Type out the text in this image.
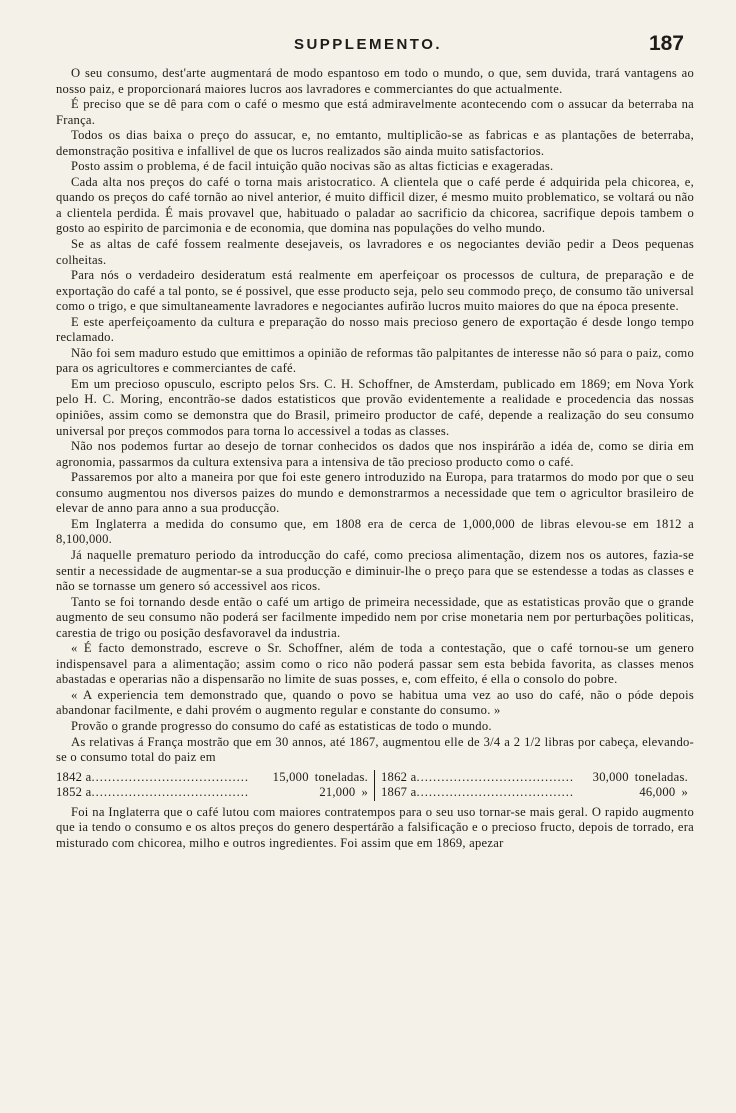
SUPPLEMENTO.	187

O seu consumo, dest'arte augmentará de modo espantoso em todo o mundo, o que, sem duvida, trará vantagens ao nosso paiz, e proporcionará maiores lucros aos lavradores e commerciantes do que actualmente.

É preciso que se dê para com o café o mesmo que está admiravelmente acontecendo com o assucar da beterraba na França.

Todos os dias baixa o preço do assucar, e, no emtanto, multiplicão-se as fabricas e as plantações de beterraba, demonstração positiva e infallivel de que os lucros realizados são ainda muito satisfactorios.

Posto assim o problema, é de facil intuição quão nocivas são as altas ficticias e exageradas.

Cada alta nos preços do café o torna mais aristocratico. A clientela que o café perde é adquirida pela chicorea, e, quando os preços do café tornão ao nivel anterior, é muito difficil dizer, é mesmo muito problematico, se voltará ou não a clientela perdida. É mais provavel que, habituado o paladar ao sacrificio da chicorea, sacrifique depois tambem o gosto ao espirito de parcimonia e de economia, que domina nas populações do velho mundo.

Se as altas de café fossem realmente desejaveis, os lavradores e os negociantes devião pedir a Deos pequenas colheitas.

Para nós o verdadeiro desideratum está realmente em aperfeiçoar os processos de cultura, de preparação e de exportação do café a tal ponto, se é possivel, que esse producto seja, pelo seu commodo preço, de consumo tão universal como o trigo, e que simultaneamente lavradores e negociantes aufirão lucros muito maiores do que na época presente.

E este aperfeiçoamento da cultura e preparação do nosso mais precioso genero de exportação é desde longo tempo reclamado.

Não foi sem maduro estudo que emittimos a opinião de reformas tão palpitantes de interesse não só para o paiz, como para os agricultores e commerciantes de café.

Em um precioso opusculo, escripto pelos Srs. C. H. Schoffner, de Amsterdam, publicado em 1869; em Nova York pelo H. C. Moring, encontrão-se dados estatisticos que provão evidentemente a realidade e procedencia das nossas opiniões, assim como se demonstra que do Brasil, primeiro productor de café, depende a realização do seu consumo universal por preços commodos para torna lo accessivel a todas as classes.

Não nos podemos furtar ao desejo de tornar conhecidos os dados que nos inspirárão a idéa de, como se diria em agronomia, passarmos da cultura extensiva para a intensiva de tão precioso producto como o café.

Passaremos por alto a maneira por que foi este genero introduzido na Europa, para tratarmos do modo por que o seu consumo augmentou nos diversos paizes do mundo e demonstrarmos a necessidade que tem o agricultor brasileiro de elevar de anno para anno a sua producção.

Em Inglaterra a medida do consumo que, em 1808 era de cerca de 1,000,000 de libras elevou-se em 1812 a 8,100,000.

Já naquelle prematuro periodo da introducção do café, como preciosa alimentação, dizem nos os autores, fazia-se sentir a necessidade de augmentar-se a sua producção e diminuir-lhe o preço para que se estendesse a todas as classes e não se tornasse um genero só accessivel aos ricos.

Tanto se foi tornando desde então o café um artigo de primeira necessidade, que as estatisticas provão que o grande augmento de seu consumo não poderá ser facilmente impedido nem por crise monetaria nem por perturbações politicas, carestia de trigo ou posição desfavoravel da industria.

« É facto demonstrado, escreve o Sr. Schoffner, além de toda a contestação, que o café tornou-se um genero indispensavel para a alimentação; assim como o rico não poderá passar sem esta bebida favorita, as classes menos abastadas e operarias não a dispensarão no limite de suas posses, e, com effeito, é ella o consolo do pobre.

« A experiencia tem demonstrado que, quando o povo se habitua uma vez ao uso do café, não o póde depois abandonar facilmente, e dahi provém o augmento regular e constante do consumo. »

Provão o grande progresso do consumo do café as estatisticas de todo o mundo.

As relativas á França mostrão que em 30 annos, até 1867, augmentou elle de 3/4 a 2 1/2 libras por cabeça, elevando-se o consumo total do paiz em

1842 a ......................................	15,000 toneladas.
1852 a ......................................	21,000 »
1862 a ......................................	30,000 toneladas.
1867 a ......................................	46,000 »

Foi na Inglaterra que o café lutou com maiores contratempos para o seu uso tornar-se mais geral. O rapido augmento que ia tendo o consumo e os altos preços do genero despertárão a falsificação e o precioso fructo, depois de torrado, era misturado com chicorea, milho e outros ingredientes. Foi assim que em 1869, apezar
